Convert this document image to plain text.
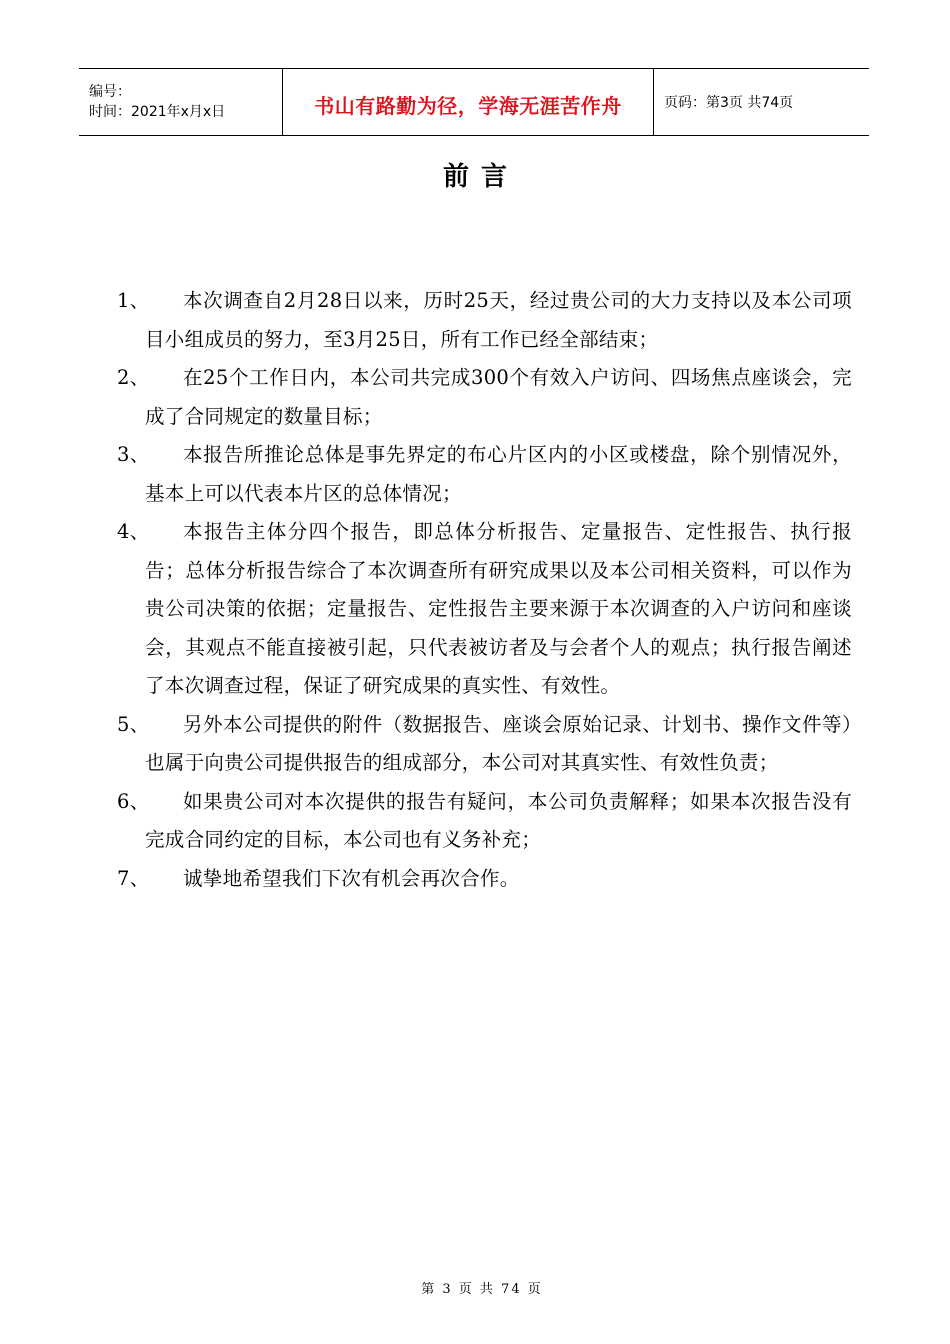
编号：
时间：2021年x月x日	书山有路勤为径，学海无涯苦作舟	页码：第3页 共74页
前言
1、	本次调查自2月28日以来，历时25天，经过贵公司的大力支持以及本公司项目小组成员的努力，至3月25日，所有工作已经全部结束；
2、	在25个工作日内，本公司共完成300个有效入户访问、四场焦点座谈会，完成了合同规定的数量目标；
3、	本报告所推论总体是事先界定的布心片区内的小区或楼盘，除个别情况外，基本上可以代表本片区的总体情况；
4、	本报告主体分四个报告，即总体分析报告、定量报告、定性报告、执行报告；总体分析报告综合了本次调查所有研究成果以及本公司相关资料，可以作为贵公司决策的依据；定量报告、定性报告主要来源于本次调查的入户访问和座谈会，其观点不能直接被引起，只代表被访者及与会者个人的观点；执行报告阐述了本次调查过程，保证了研究成果的真实性、有效性。
5、	另外本公司提供的附件（数据报告、座谈会原始记录、计划书、操作文件等）也属于向贵公司提供报告的组成部分，本公司对其真实性、有效性负责；
6、	如果贵公司对本次提供的报告有疑问，本公司负责解释；如果本次报告没有完成合同约定的目标，本公司也有义务补充；
7、	诚挚地希望我们下次有机会再次合作。
第 3 页 共 74 页
